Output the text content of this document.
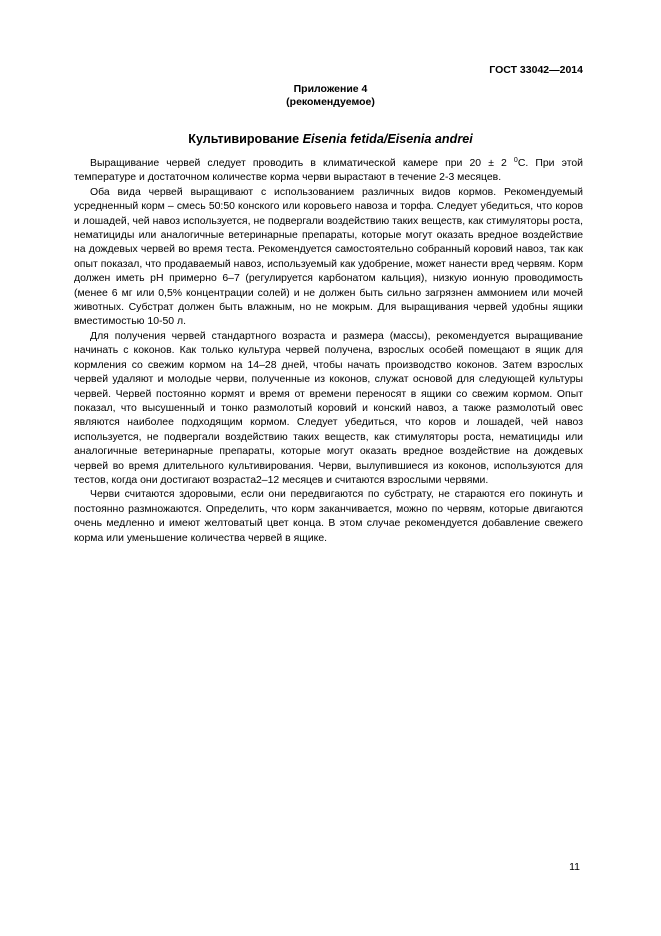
ГОСТ 33042—2014
Приложение 4
(рекомендуемое)
Культивирование Eisenia fetida/Eisenia andrei

Выращивание червей следует проводить в климатической камере при 20 ± 2 $^0$С. При этой температуре и достаточном количестве корма черви вырастают в течение 2-3 месяцев.

Оба вида червей выращивают с использованием различных видов кормов. Рекомендуемый усредненный корм – смесь 50:50 конского или коровьего навоза и торфа. Следует убедиться, что коров и лошадей, чей навоз используется, не подвергали воздействию таких веществ, как стимуляторы роста, нематициды или аналогичные ветеринарные препараты, которые могут оказать вредное воздействие на дождевых червей во время теста. Рекомендуется самостоятельно собранный коровий навоз, так как опыт показал, что продаваемый навоз, используемый как удобрение, может нанести вред червям. Корм должен иметь рН примерно 6–7 (регулируется карбонатом кальция), низкую ионную проводимость (менее 6 мг или 0,5% концентрации солей) и не должен быть сильно загрязнен аммонием или мочей животных. Субстрат должен быть влажным, но не мокрым. Для выращивания червей удобны ящики вместимостью 10-50 л.

Для получения червей стандартного возраста и размера (массы), рекомендуется выращивание начинать с коконов. Как только культура червей получена, взрослых особей помещают в ящик для кормления со свежим кормом на 14–28 дней, чтобы начать производство коконов. Затем взрослых червей удаляют и молодые черви, полученные из коконов, служат основой для следующей культуры червей. Червей постоянно кормят и время от времени переносят в ящики со свежим кормом. Опыт показал, что высушенный и тонко размолотый коровий и конский навоз, а также размолотый овес являются наиболее подходящим кормом. Следует убедиться, что коров и лошадей, чей навоз используется, не подвергали воздействию таких веществ, как стимуляторы роста, нематициды или аналогичные ветеринарные препараты, которые могут оказать вредное воздействие на дождевых червей во время длительного культивирования. Черви, вылупившиеся из коконов, используются для тестов, когда они достигают возраста2–12 месяцев и считаются взрослыми червями.

Черви считаются здоровыми, если они передвигаются по субстрату, не стараются его покинуть и постоянно размножаются. Определить, что корм заканчивается, можно по червям, которые двигаются очень медленно и имеют желтоватый цвет конца. В этом случае рекомендуется добавление свежего корма или уменьшение количества червей в ящике.

11
